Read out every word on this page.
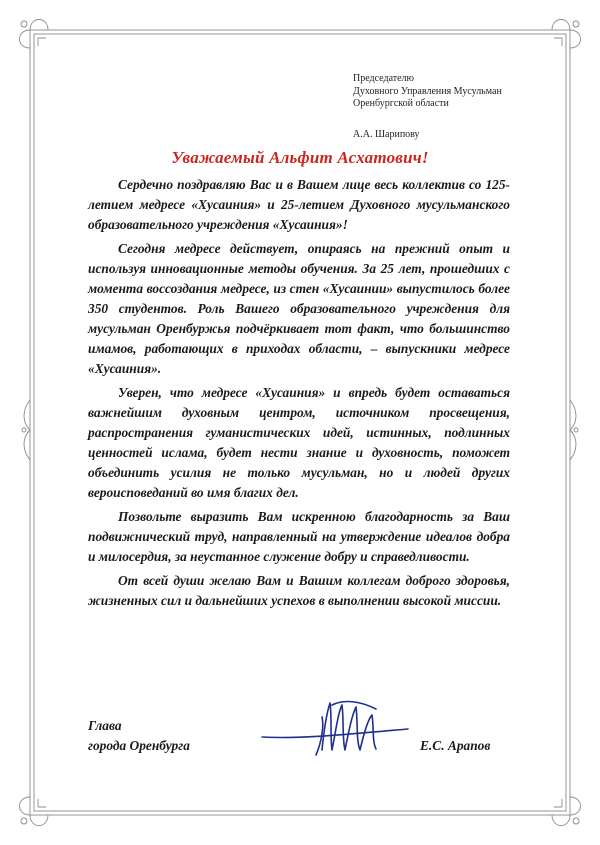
Председателю
Духовного Управления Мусульман
Оренбургской области
А.А. Шарипову
Уважаемый Альфит Асхатович!

Сердечно поздравляю Вас и в Вашем лице весь коллектив со 125-летием медресе «Хусаиния» и 25-летием Духовного мусульманского образовательного учреждения «Хусаиния»!

Сегодня медресе действует, опираясь на прежний опыт и используя инновационные методы обучения. За 25 лет, прошедших с момента воссоздания медресе, из стен «Хусаинии» выпустилось более 350 студентов. Роль Вашего образовательного учреждения для мусульман Оренбуржья подчёркивает тот факт, что большинство имамов, работающих в приходах области, – выпускники медресе «Хусаиния».

Уверен, что медресе «Хусаиния» и впредь будет оставаться важнейшим духовным центром, источником просвещения, распространения гуманистических идей, истинных, подлинных ценностей ислама, будет нести знание и духовность, поможет объединить усилия не только мусульман, но и людей других вероисповеданий во имя благих дел.

Позвольте выразить Вам искренною благодарность за Ваш подвижнический труд, направленный на утверждение идеалов добра и милосердия, за неустанное служение добру и справедливости.

От всей души желаю Вам и Вашим коллегам доброго здоровья, жизненных сил и дальнейших успехов в выполнении высокой миссии.

Глава
города Оренбурга	Е.С. Арапов
